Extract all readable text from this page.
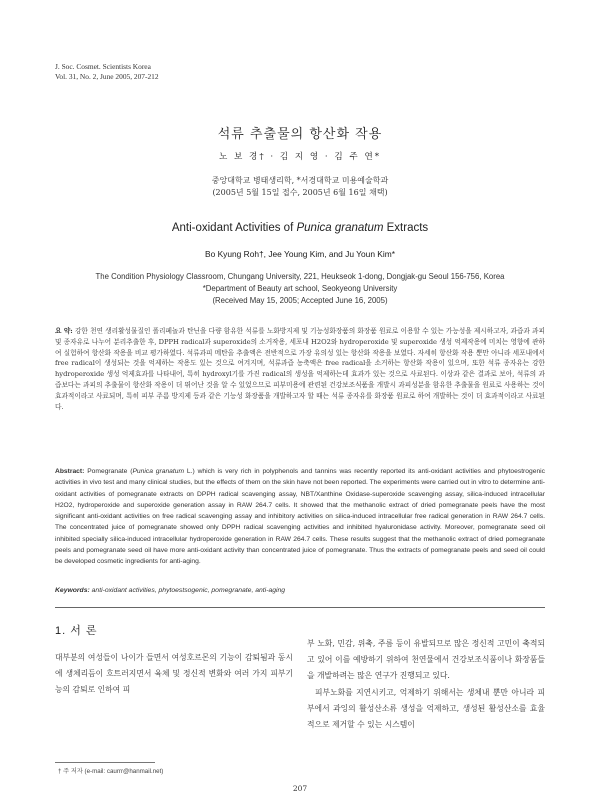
J. Soc. Cosmet. Scientists Korea
Vol. 31, No. 2, June 2005, 207-212
석류 추출물의 항산화 작용
노 보 경† · 김 지 영 · 김 주 연*
중앙대학교 병태생리학, *서경대학교 미용예술학과
(2005년 5월 15일 접수, 2005년 6월 16일 채택)
Anti-oxidant Activities of Punica granatum Extracts
Bo Kyung Roh†, Jee Young Kim, and Ju Youn Kim*
The Condition Physiology Classroom, Chungang University, 221, Heukseok 1-dong, Dongjak-gu Seoul 156-756, Korea
*Department of Beauty art school, Seokyeong University
(Received May 15, 2005; Accepted June 16, 2005)
요 약: 강한 천연 생리활성물질인 폴리페놀과 탄닌을 다량 함유한 석류를 노화방지제 및 기능성화장품의 화장품 원료로 이용할 수 있는 가능성을 제시하고자, 과즙과 과피 및 종자유로 나누어 분리추출한 후, DPPH radical과 superoxide의 소거작용, 세포내 H2O2와 hydroperoxide 및 superoxide 생성 억제작용에 미치는 영향에 관하여 실험하여 항산화 작용을 비교 평가하였다. 석류과피 메탄올 추출액은 전반적으로 가장 유의성 있는 항산화 작용을 보였다. 자세히 항산화 작용 뿐만 아니라 세포내에서 free radical이 생성되는 것을 억제하는 작용도 있는 것으로 여겨지며, 석류과즙 농축액은 free radical을 소거하는 항산화 작용이 있으며, 또한 석류 종자유는 강한 hydroperoxide 생성 억제효과를 나타내어, 특히 hydroxyl기를 가진 radical의 생성을 억제하는데 효과가 있는 것으로 사료된다. 이상과 같은 결과로 보아, 석류의 과즙보다는 과피의 추출물이 항산화 작용이 더 뛰어난 것을 알 수 있었으므로 피부미용에 관련된 건강보조식품을 개발시 과피성분을 함유한 추출물을 원료로 사용하는 것이 효과적이라고 사료되며, 특히 피부 주름 방지제 등과 같은 기능성 화장품을 개발하고자 할 때는 석류 종자유를 화장품 원료로 하여 개발하는 것이 더 효과적이라고 사료된다.
Abstract: Pomegranate (Punica granatum L.) which is very rich in polyphenols and tannins was recently reported its anti-oxidant activities and phytoestrogenic activities in vivo test and many clinical studies, but the effects of them on the skin have not been reported. The experiments were carried out in vitro to determine anti-oxidant activities of pomegranate extracts on DPPH radical scavenging assay, NBT/Xanthine Oxidase-superoxide scavenging assay, silica-induced intracellular H2O2, hydroperoxide and superoxide generation assay in RAW 264.7 cells. It showed that the methanolic extract of dried pomegranate peels have the most significant anti-oxidant activities on free radical scavenging assay and inhibitory activities on silica-induced intracellular free radical generation in RAW 264.7 cells. The concentrated juice of pomegranate showed only DPPH radical scavenging activities and inhibited hyaluronidase activity. Moreover, pomegranate seed oil inhibited specially silica-induced intracellular hydroperoxide generation in RAW 264.7 cells. These results suggest that the methanolic extract of dried pomegranate peels and pomegranate seed oil have more anti-oxidant activity than concentrated juice of pomegranate. Thus the extracts of pomegranate peels and seed oil could be developed cosmetic ingredients for anti-aging.
Keywords: anti-oxidant activities, phytoestsogenic, pomegranate, anti-aging
1. 서 론
대부분의 여성들이 나이가 들면서 여성호르몬의 기능이 감퇴됨과 동시에 생체리듬이 흐트러지면서 육체 및 정신적 변화와 여러 가지 피부기능의 감퇴로 인하여 피
부 노화, 민감, 위축, 주름 등이 유발되므로 많은 정신적 고민이 축적되고 있어 이를 예방하기 위하여 천연물에서 건강보조식품이나 화장품들을 개발하려는 많은 연구가 진행되고 있다.
피부노화를 지연시키고, 억제하기 위해서는 생체내 뿐만 아니라 피부에서 과잉의 활성산소류 생성을 억제하고, 생성된 활성산소를 효율적으로 제거할 수 있는 시스템이
† 주 저자 (e-mail: caurrr@hanmail.net)
207
